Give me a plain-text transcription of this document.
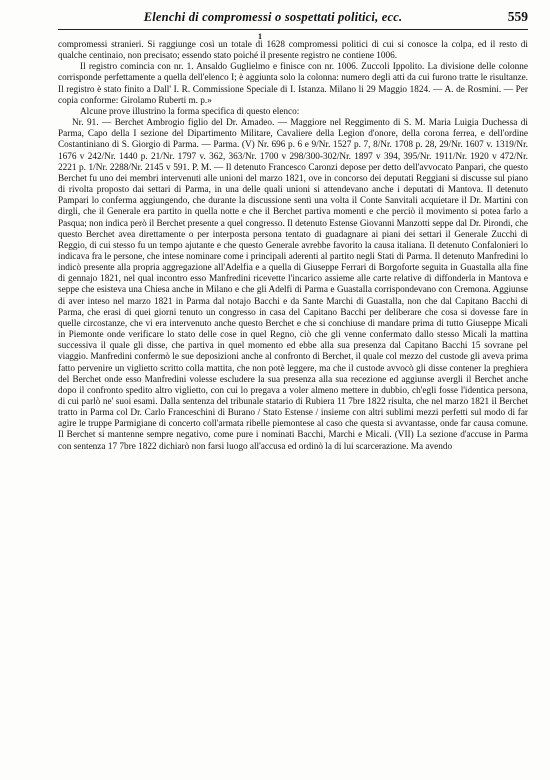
Elenchi di compromessi o sospettati politici, ecc.	559
1

compromessi stranieri. Si raggiunge così un totale di 1628 compromessi politici di cui si conosce la colpa, ed il resto di qualche centinaio, non precisato; essendo stato poiché il presente registro ne contiene 1006.

Il registro comincia con nr. 1. Ansaldo Guglielmo e finisce con nr. 1006. Zuccoli Ippolito. La divisione delle colonne corrisponde perfettamente a quella dell'elenco I; è aggiunta solo la colonna: numero degli atti da cui furono tratte le risultanze. Il registro è stato finito a Dall' I. R. Commissione Speciale di I. Istanza. Milano li 29 Maggio 1824. — A. de Rosmini. — Per copia conforme: Girolamo Ruberti m. p.»

Alcune prove illustrino la forma specifica di questo elenco:

Nr. 91. — Berchet Ambrogio figlio del Dr. Amadeo. — Maggiore nel Reggimento di S. M. Maria Luigia Duchessa di Parma, Capo della I sezione del Dipartimento Militare, Cavaliere della Legion d'onore, della corona ferrea, e dell'ordine Costantiniano di S. Giorgio di Parma. — Parma. (V) Nr. 696 p. 6 e 9/Nr. 1527 p. 7, 8/Nr. 1708 p. 28, 29/Nr. 1607 v. 1319/Nr. 1676 v 242/Nr. 1440 p. 21/Nr. 1797 v. 362, 363/Nr. 1700 v 298/300-302/Nr. 1897 v 394, 395/Nr. 1911/Nr. 1920 v 472/Nr. 2221 p. 1/Nr. 2288/Nr. 2145 v 591. P. M. — Il detenuto Francesco Caronzi depose per detto dell'avvocato Panpari, che questo Berchet fu uno dei membri intervenuti alle unioni del marzo 1821, ove in concorso dei deputati Reggiani si discusse sul piano di rivolta proposto dai settari di Parma, in una delle quali unioni si attendevano anche i deputati di Mantova. Il detenuto Pampari lo conferma aggiungendo, che durante la discussione sentì una volta il Conte Sanvitali acquietare il Dr. Martini con dirgli, che il Generale era partito in quella notte e che il Berchet partiva momenti e che perciò il movimento si potea farlo a Pasqua; non indica però il Berchet presente a quel congresso. Il detenuto Estense Giovanni Manzotti seppe dal Dr. Pirondi, che questo Berchet avea direttamente o per interposta persona tentato di guadagnare ai piani dei settari il Generale Zucchi di Reggio, di cui stesso fu un tempo ajutante e che questo Generale avrebbe favorito la causa italiana. Il detenuto Confalonieri lo indicava fra le persone, che intese nominare come i principali aderenti al partito negli Stati di Parma. Il detenuto Manfredini lo indicò presente alla propria aggregazione all'Adelfia e a quella di Giuseppe Ferrari di Borgoforte seguita in Guastalla alla fine di gennajo 1821, nel qual incontro esso Manfredini ricevette l'incarico assieme alle carte relative di diffonderla in Mantova e seppe che esisteva una Chiesa anche in Milano e che gli Adelfi di Parma e Guastalla corrispondevano con Cremona. Aggiunse di aver inteso nel marzo 1821 in Parma dal notajo Bacchi e da Sante Marchi di Guastalla, non che dal Capitano Bacchi di Parma, che erasi di quei giorni tenuto un congresso in casa del Capitano Bacchi per deliberare che cosa si dovesse fare in quelle circostanze, che vi era intervenuto anche questo Berchet e che si conchiuse di mandare prima di tutto Giuseppe Micali in Piemonte onde verificare lo stato delle cose in quel Regno, ciò che gli venne confermato dallo stesso Micali la mattina successiva il quale gli disse, che partiva in quel momento ed ebbe alla sua presenza dal Capitano Bacchi 15 sovrane pel viaggio. Manfredini confermò le sue deposizioni anche al confronto di Berchet, il quale col mezzo del custode gli aveva prima fatto pervenire un viglietto scritto colla mattita, che non potè leggere, ma che il custode avvocò gli disse contener la preghiera del Berchet onde esso Manfredini volesse escludere la sua presenza alla sua recezione ed aggiunse avergli il Berchet anche dopo il confronto spedito altro viglietto, con cui lo pregava a voler almeno mettere in dubbio, ch'egli fosse l'identica persona, di cui parlò ne' suoi esami. Dalla sentenza del tribunale statario di Rubiera 11 7bre 1822 risulta, che nel marzo 1821 il Berchet tratto in Parma col Dr. Carlo Franceschini di Burano / Stato Estense / insieme con altri sublimi mezzi perfetti sul modo di far agire le truppe Parmigiane di concerto coll'armata ribelle piemontese al caso che questa si avvantasse, onde far causa comune. Il Berchet si mantenne sempre negativo, come pure i nominati Bacchi, Marchi e Micali. (VII) La sezione d'accuse in Parma con sentenza 17 7bre 1822 dichiarò non farsi luogo all'accusa ed ordinò la di lui scarcerazione. Ma avendo
